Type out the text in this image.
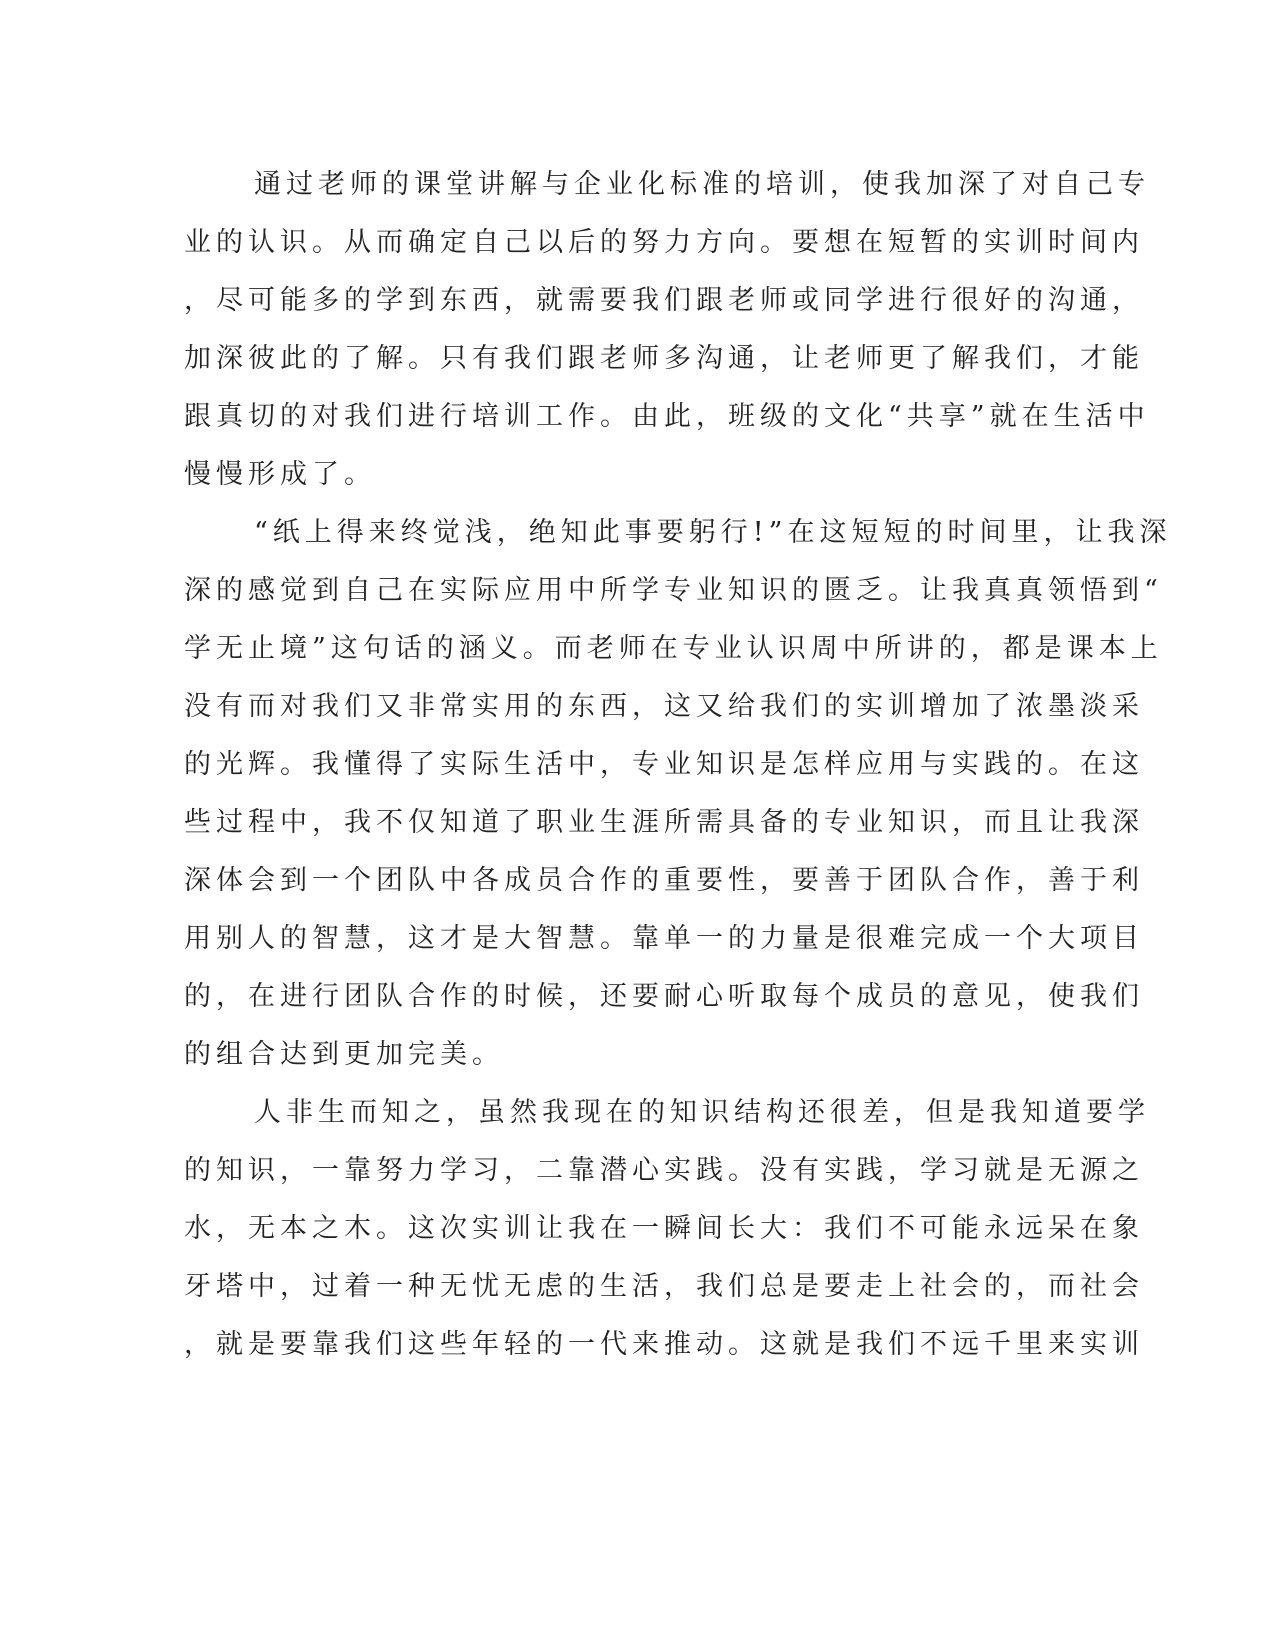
通过老师的课堂讲解与企业化标准的培训，使我加深了对自己专
业的认识。从而确定自己以后的努力方向。要想在短暂的实训时间内
，尽可能多的学到东西，就需要我们跟老师或同学进行很好的沟通，
加深彼此的了解。只有我们跟老师多沟通，让老师更了解我们，才能
跟真切的对我们进行培训工作。由此，班级的文化“共享”就在生活中
慢慢形成了。
“纸上得来终觉浅，绝知此事要躬行!”在这短短的时间里，让我深
深的感觉到自己在实际应用中所学专业知识的匮乏。让我真真领悟到“
学无止境”这句话的涵义。而老师在专业认识周中所讲的，都是课本上
没有而对我们又非常实用的东西，这又给我们的实训增加了浓墨淡采
的光辉。我懂得了实际生活中，专业知识是怎样应用与实践的。在这
些过程中，我不仅知道了职业生涯所需具备的专业知识，而且让我深
深体会到一个团队中各成员合作的重要性，要善于团队合作，善于利
用别人的智慧，这才是大智慧。靠单一的力量是很难完成一个大项目
的，在进行团队合作的时候，还要耐心听取每个成员的意见，使我们
的组合达到更加完美。
人非生而知之，虽然我现在的知识结构还很差，但是我知道要学
的知识，一靠努力学习，二靠潜心实践。没有实践，学习就是无源之
水，无本之木。这次实训让我在一瞬间长大：我们不可能永远呆在象
牙塔中，过着一种无忧无虑的生活，我们总是要走上社会的，而社会
，就是要靠我们这些年轻的一代来推动。这就是我们不远千里来实训
